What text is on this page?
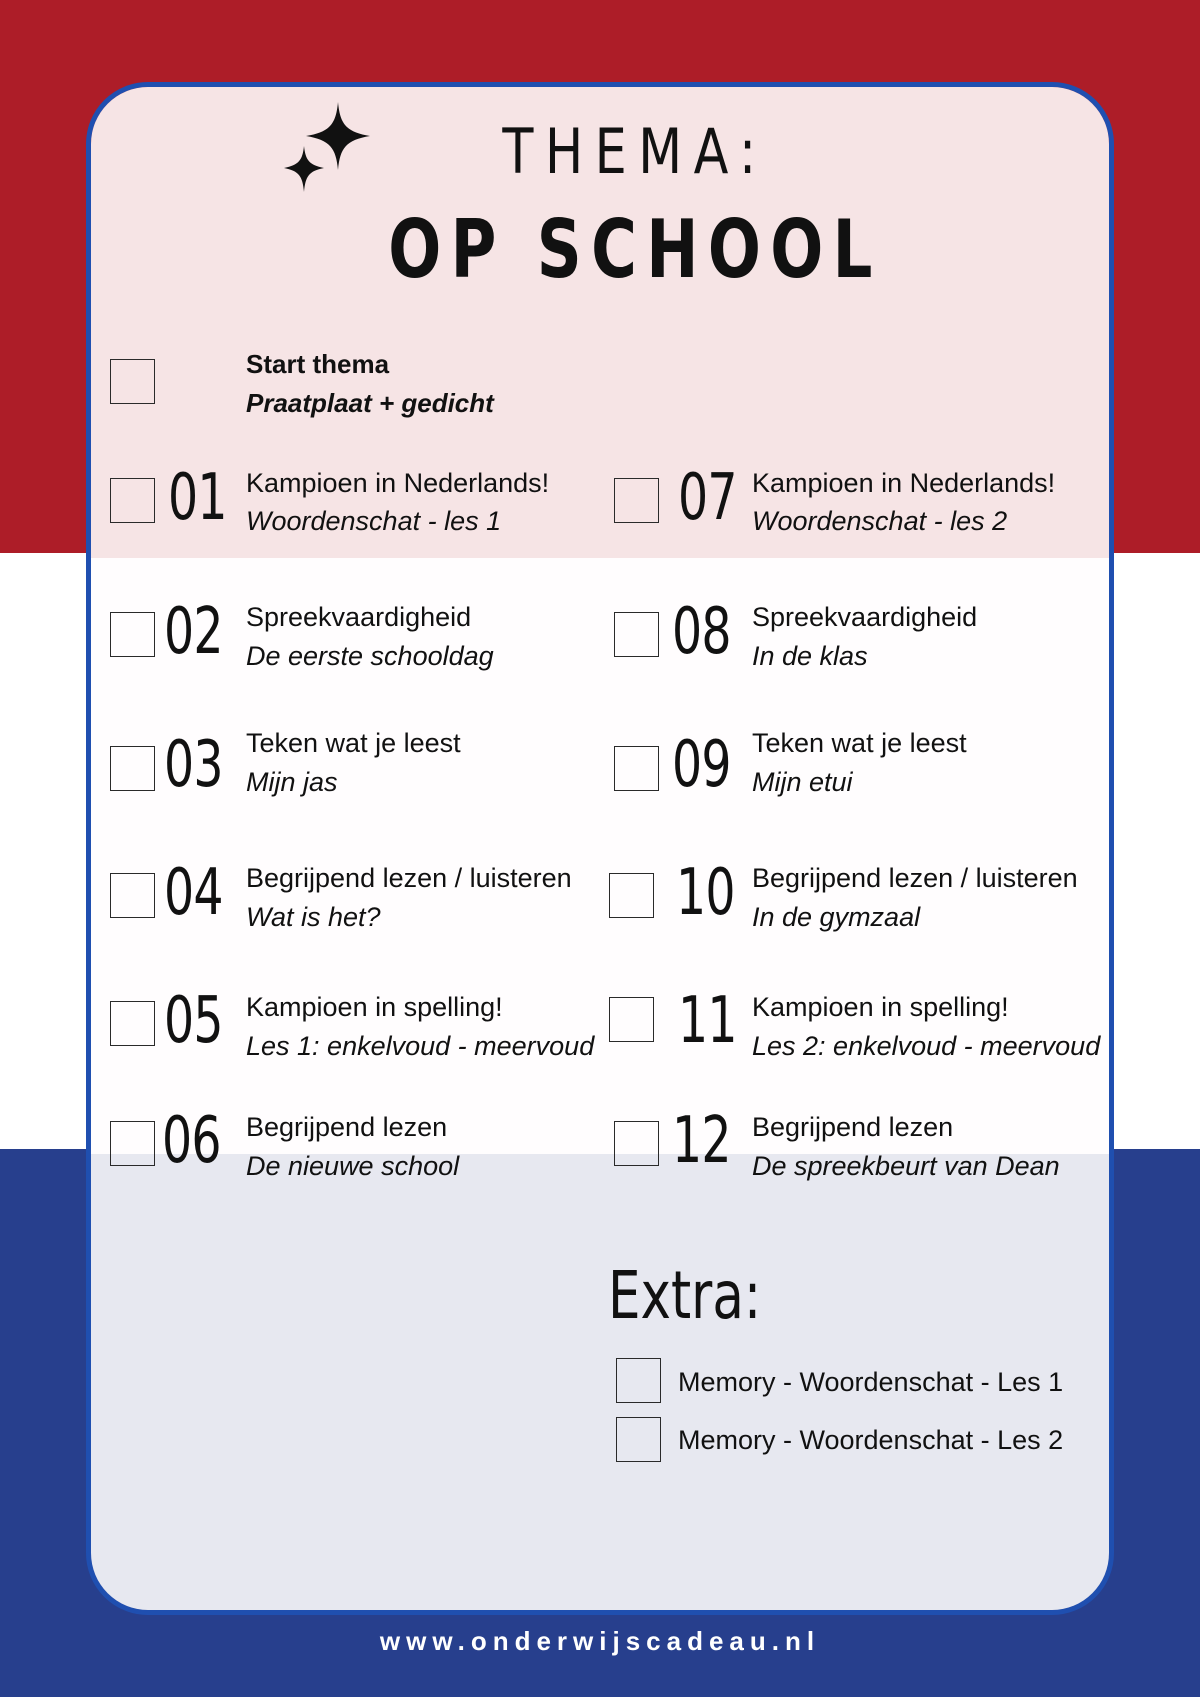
THEMA:
OP SCHOOL
Start thema
Praatplaat + gedicht
01 Kampioen in Nederlands!
Woordenschat - les 1
02 Spreekvaardigheid
De eerste schooldag
03 Teken wat je leest
Mijn jas
04 Begrijpend lezen / luisteren
Wat is het?
05 Kampioen in spelling!
Les 1: enkelvoud - meervoud
06 Begrijpend lezen
De nieuwe school
07 Kampioen in Nederlands!
Woordenschat - les 2
08 Spreekvaardigheid
In de klas
09 Teken wat je leest
Mijn etui
10 Begrijpend lezen / luisteren
In de gymzaal
11 Kampioen in spelling!
Les 2: enkelvoud - meervoud
12 Begrijpend lezen
De spreekbeurt van Dean
Extra:
Memory - Woordenschat - Les 1
Memory - Woordenschat - Les 2
www.onderwijscadeau.nl
